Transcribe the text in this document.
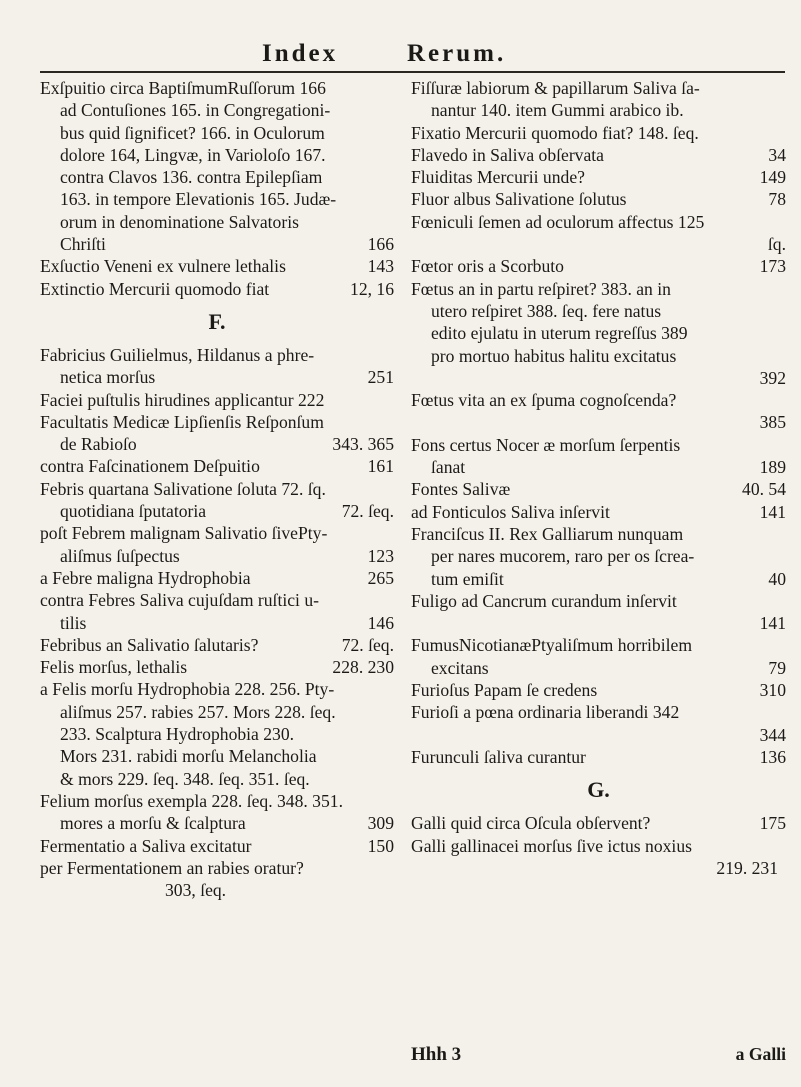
Index	Rerum.
Exſpuitio circa BaptiſmumRuſſorum 166
ad Contuſiones 165. in Congregationi-
bus quid ſignificet? 166. in Oculorum
dolore 164, Lingvæ, in Varioloſo 167.
contra Clavos 136. contra Epilepſiam
163. in tempore Elevationis 165. Judæ-
orum in denominatione Salvatoris
Chriſti	166
Exſuctio Veneni ex vulnere lethalis	143
Extinctio Mercurii quomodo fiat	12, 16
F.
Fabricius Guilielmus, Hildanus a phre-
netica morſus	251
Faciei puſtulis hirudines applicantur 222
Facultatis Medicæ Lipſienſis Reſponſum
de Rabioſo	343. 365
contra Faſcinationem Deſpuitio	161
Febris quartana Salivatione ſoluta 72. ſq.
quotidiana ſputatoria	72. ſeq.
poſt Febrem malignam Salivatio ſivePty-
aliſmus ſuſpectus	123
a Febre maligna Hydrophobia	265
contra Febres Saliva cujuſdam ruſtici u-
tilis	146
Febribus an Salivatio ſalutaris?	72. ſeq.
Felis morſus, lethalis	228. 230
a Felis morſu Hydrophobia 228. 256. Pty-
aliſmus 257. rabies 257. Mors 228. ſeq.
233. Scalptura Hydrophobia 230.
Mors 231. rabidi morſu Melancholia
& mors 229. ſeq. 348. ſeq. 351. ſeq.
Felium morſus exempla 228. ſeq. 348. 351.
mores a morſu & ſcalptura	309
Fermentatio a Saliva excitatur	150
per Fermentationem an rabies oratur?
303, ſeq.
Fiſſuræ labiorum & papillarum Saliva ſa-
nantur 140. item Gummi arabico ib.
Fixatio Mercurii quomodo fiat? 148. ſeq.
Flavedo in Saliva obſervata	34
Fluiditas Mercurii unde?	149
Fluor albus Salivatione ſolutus	78
Fœniculi ſemen ad oculorum affectus 125
ſq.
Fœtor oris a Scorbuto	173
Fœtus an in partu reſpiret? 383. an in
utero reſpiret 388. ſeq. fere natus
edito ejulatu in uterum regreſſus 389
pro mortuo habitus halitu excitatus
392
Fœtus vita an ex ſpuma cognoſcenda?
385
Fons certus Nocer æ morſum ſerpentis
ſanat	189
Fontes Salivæ	40. 54
ad Fonticulos Saliva inſervit	141
Franciſcus II. Rex Galliarum nunquam
per nares mucorem, raro per os ſcrea-
tum emiſit	40
Fuligo ad Cancrum curandum inſervit
141
FumusNicotianæPtyaliſmum horribilem
excitans	79
Furioſus Papam ſe credens	310
Furioſi a pœna ordinaria liberandi 342
344
Furunculi ſaliva curantur	136
G.
Galli quid circa Oſcula obſervent?	175
Galli gallinacei morſus ſive ictus noxius
219. 231
Hhh 3	a Galli
